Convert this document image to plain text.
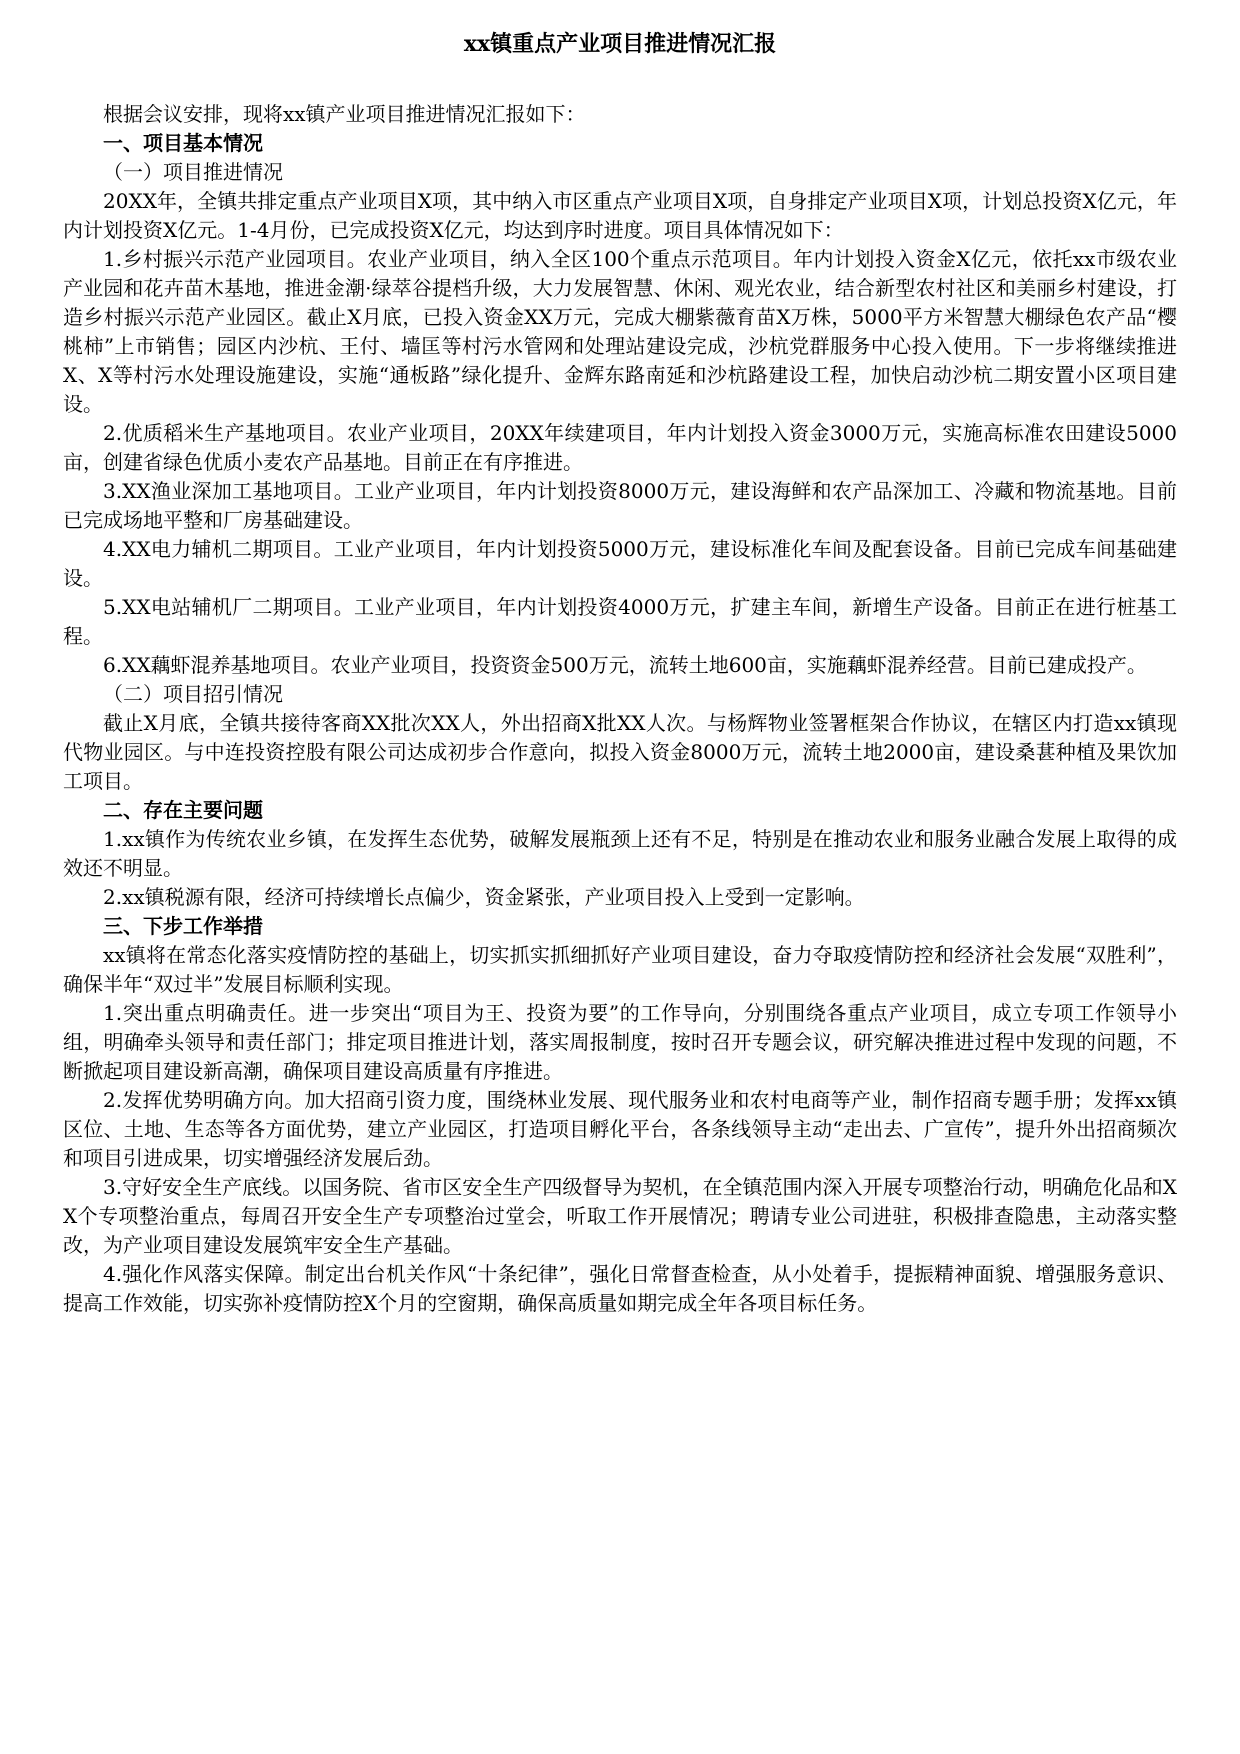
xx镇重点产业项目推进情况汇报

根据会议安排，现将xx镇产业项目推进情况汇报如下：

一、项目基本情况

（一）项目推进情况

20XX年，全镇共排定重点产业项目X项，其中纳入市区重点产业项目X项，自身排定产业项目X项，计划总投资X亿元，年内计划投资X亿元。1-4月份，已完成投资X亿元，均达到序时进度。项目具体情况如下：

1.乡村振兴示范产业园项目。农业产业项目，纳入全区100个重点示范项目。年内计划投入资金X亿元，依托xx市级农业产业园和花卉苗木基地，推进金潮·绿萃谷提档升级，大力发展智慧、休闲、观光农业，结合新型农村社区和美丽乡村建设，打造乡村振兴示范产业园区。截止X月底，已投入资金XX万元，完成大棚紫薇育苗X万株，5000平方米智慧大棚绿色农产品“樱桃柿”上市销售；园区内沙杭、王付、墙匡等村污水管网和处理站建设完成，沙杭党群服务中心投入使用。下一步将继续推进X、X等村污水处理设施建设，实施“通板路”绿化提升、金辉东路南延和沙杭路建设工程，加快启动沙杭二期安置小区项目建设。

2.优质稻米生产基地项目。农业产业项目，20XX年续建项目，年内计划投入资金3000万元，实施高标准农田建设5000亩，创建省绿色优质小麦农产品基地。目前正在有序推进。

3.XX渔业深加工基地项目。工业产业项目，年内计划投资8000万元，建设海鲜和农产品深加工、冷藏和物流基地。目前已完成场地平整和厂房基础建设。

4.XX电力辅机二期项目。工业产业项目，年内计划投资5000万元，建设标准化车间及配套设备。目前已完成车间基础建设。

5.XX电站辅机厂二期项目。工业产业项目，年内计划投资4000万元，扩建主车间，新增生产设备。目前正在进行桩基工程。

6.XX藕虾混养基地项目。农业产业项目，投资资金500万元，流转土地600亩，实施藕虾混养经营。目前已建成投产。

（二）项目招引情况

截止X月底，全镇共接待客商XX批次XX人，外出招商X批XX人次。与杨辉物业签署框架合作协议，在辖区内打造xx镇现代物业园区。与中连投资控股有限公司达成初步合作意向，拟投入资金8000万元，流转土地2000亩，建设桑葚种植及果饮加工项目。

二、存在主要问题

1.xx镇作为传统农业乡镇，在发挥生态优势，破解发展瓶颈上还有不足，特别是在推动农业和服务业融合发展上取得的成效还不明显。

2.xx镇税源有限，经济可持续增长点偏少，资金紧张，产业项目投入上受到一定影响。

三、下步工作举措

xx镇将在常态化落实疫情防控的基础上，切实抓实抓细抓好产业项目建设，奋力夺取疫情防控和经济社会发展“双胜利”，确保半年“双过半”发展目标顺利实现。

1.突出重点明确责任。进一步突出“项目为王、投资为要”的工作导向，分别围绕各重点产业项目，成立专项工作领导小组，明确牵头领导和责任部门；排定项目推进计划，落实周报制度，按时召开专题会议，研究解决推进过程中发现的问题，不断掀起项目建设新高潮，确保项目建设高质量有序推进。

2.发挥优势明确方向。加大招商引资力度，围绕林业发展、现代服务业和农村电商等产业，制作招商专题手册；发挥xx镇区位、土地、生态等各方面优势，建立产业园区，打造项目孵化平台，各条线领导主动“走出去、广宣传”，提升外出招商频次和项目引进成果，切实增强经济发展后劲。

3.守好安全生产底线。以国务院、省市区安全生产四级督导为契机，在全镇范围内深入开展专项整治行动，明确危化品和XX个专项整治重点，每周召开安全生产专项整治过堂会，听取工作开展情况；聘请专业公司进驻，积极排查隐患，主动落实整改，为产业项目建设发展筑牢安全生产基础。

4.强化作风落实保障。制定出台机关作风“十条纪律”，强化日常督查检查，从小处着手，提振精神面貌、增强服务意识、提高工作效能，切实弥补疫情防控X个月的空窗期，确保高质量如期完成全年各项目标任务。
